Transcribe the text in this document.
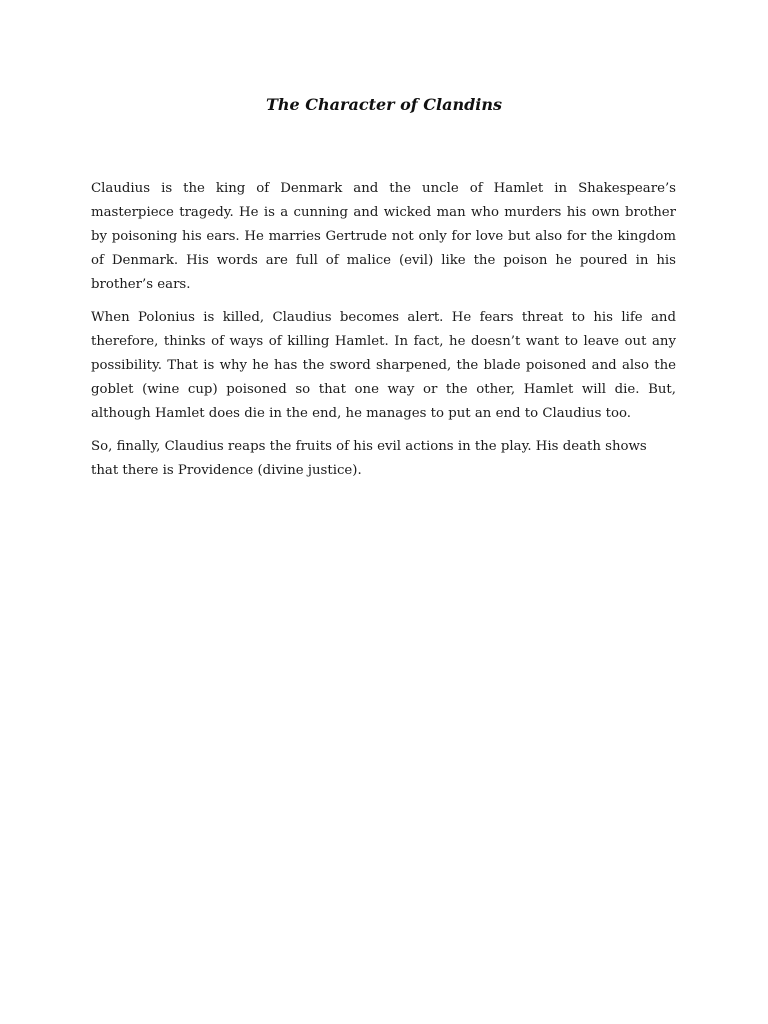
The Character of Clandins

Claudius is the king of Denmark and the uncle of Hamlet in Shakespeare’s masterpiece tragedy. He is a cunning and wicked man who murders his own brother by poisoning his ears. He marries Gertrude not only for love but also for the kingdom of Denmark. His words are full of malice (evil) like the poison he poured in his brother’s ears.

When Polonius is killed, Claudius becomes alert. He fears threat to his life and therefore, thinks of ways of killing Hamlet. In fact, he doesn’t want to leave out any possibility. That is why he has the sword sharpened, the blade poisoned and also the goblet (wine cup) poisoned so that one way or the other, Hamlet will die. But, although Hamlet does die in the end, he manages to put an end to Claudius too.

So, finally, Claudius reaps the fruits of his evil actions in the play. His death shows that there is Providence (divine justice).
